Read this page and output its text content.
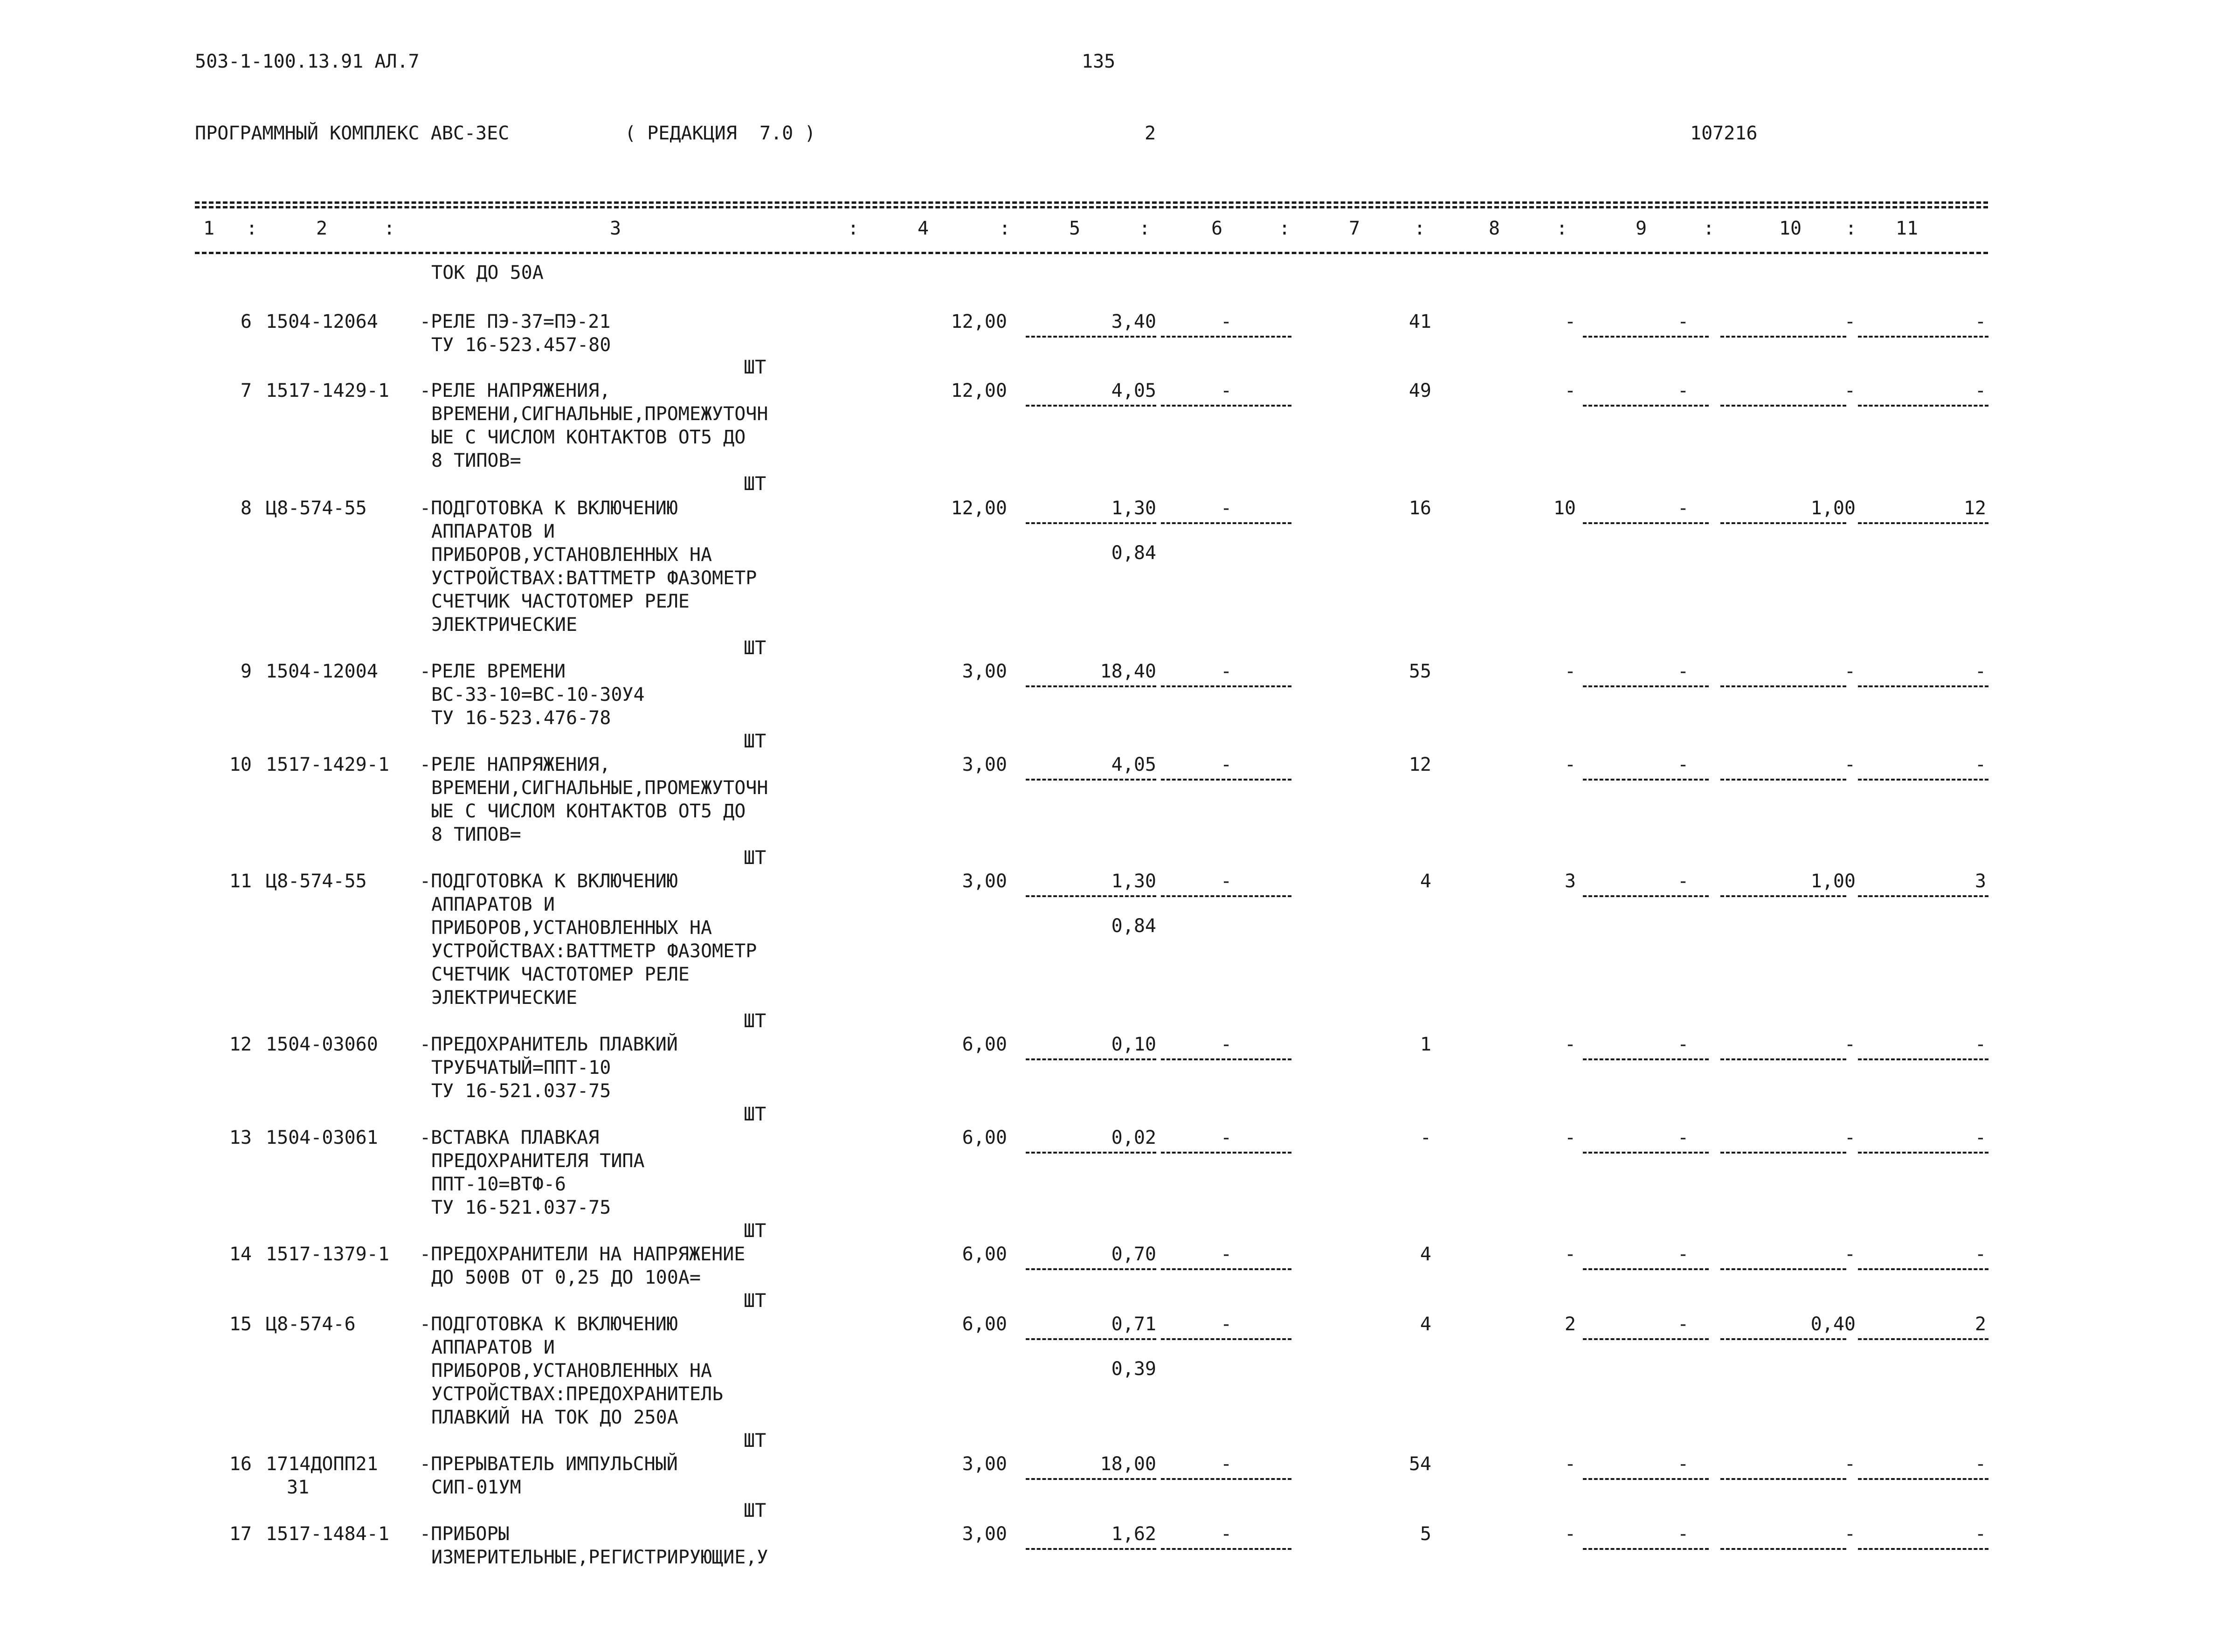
503-1-100.13.91 АЛ.7	135
ПРОГРАММНЫЙ КОМПЛЕКС АВС-3ЕС	( РЕДАКЦИЯ  7.0 )	2	107216
1	:	2	:	3	:	4	:	5	:	6	:	7	:	8	:	9	:	10	:	11
ТОК ДО 50А
6 1504-12064 -РЕЛЕ ПЭ-37=ПЭ-21
ТУ 16-523.457-80
12,00	3,40	-	41	-	-	-	-
ШТ
7 1517-1429-1 -РЕЛЕ НАПРЯЖЕНИЯ,
ВРЕМЕНИ,СИГНАЛЬНЫЕ,ПРОМЕЖУТОЧН
ЫЕ С ЧИСЛОМ КОНТАКТОВ ОТ5 ДО
8 ТИПОВ=
12,00	4,05	-	49	-	-	-	-
ШТ
8 Ц8-574-55	-ПОДГОТОВКА К ВКЛЮЧЕНИЮ
АППАРАТОВ И
ПРИБОРОВ,УСТАНОВЛЕННЫХ НА
УСТРОЙСТВАХ:ВАТТМЕТР ФАЗОМЕТР
СЧЕТЧИК ЧАСТОТОМЕР РЕЛЕ
ЭЛЕКТРИЧЕСКИЕ
12,00	1,30	-	16	10	-	1,00	12
0,84
ШТ
9 1504-12004 -РЕЛЕ ВРЕМЕНИ
ВС-33-10=ВС-10-30У4
ТУ 16-523.476-78
3,00	18,40	-	55	-	-	-	-
ШТ
10 1517-1429-1 -РЕЛЕ НАПРЯЖЕНИЯ,
ВРЕМЕНИ,СИГНАЛЬНЫЕ,ПРОМЕЖУТОЧН
ЫЕ С ЧИСЛОМ КОНТАКТОВ ОТ5 ДО
8 ТИПОВ=
3,00	4,05	-	12	-	-	-	-
ШТ
11 Ц8-574-55	-ПОДГОТОВКА К ВКЛЮЧЕНИЮ
АППАРАТОВ И
ПРИБОРОВ,УСТАНОВЛЕННЫХ НА
УСТРОЙСТВАХ:ВАТТМЕТР ФАЗОМЕТР
СЧЕТЧИК ЧАСТОТОМЕР РЕЛЕ
ЭЛЕКТРИЧЕСКИЕ
3,00	1,30	-	4	3	-	1,00	3
0,84
ШТ
12 1504-03060 -ПРЕДОХРАНИТЕЛЬ ПЛАВКИЙ
ТРУБЧАТЫЙ=ППТ-10
ТУ 16-521.037-75
6,00	0,10	-	1	-	-	-	-
ШТ
13 1504-03061 -ВСТАВКА ПЛАВКАЯ
ПРЕДОХРАНИТЕЛЯ ТИПА
ППТ-10=ВТФ-6
ТУ 16-521.037-75
6,00	0,02	-	-	-	-	-	-
ШТ
14 1517-1379-1 -ПРЕДОХРАНИТЕЛИ НА НАПРЯЖЕНИЕ
ДО 500В ОТ 0,25 ДО 100А=
6,00	0,70	-	4	-	-	-	-
ШТ
15 Ц8-574-6	-ПОДГОТОВКА К ВКЛЮЧЕНИЮ
АППАРАТОВ И
ПРИБОРОВ,УСТАНОВЛЕННЫХ НА
УСТРОЙСТВАХ:ПРЕДОХРАНИТЕЛЬ
ПЛАВКИЙ НА ТОК ДО 250А
6,00	0,71	-	4	2	-	0,40	2
0,39
ШТ
16 1714ДОПП21
31
-ПРЕРЫВАТЕЛЬ ИМПУЛЬСНЫЙ
СИП-01УМ
3,00	18,00	-	54	-	-	-	-
ШТ
17 1517-1484-1 -ПРИБОРЫ
ИЗМЕРИТЕЛЬНЫЕ,РЕГИСТРИРУЮЩИЕ,У
3,00	1,62	-	5	-	-	-	-
